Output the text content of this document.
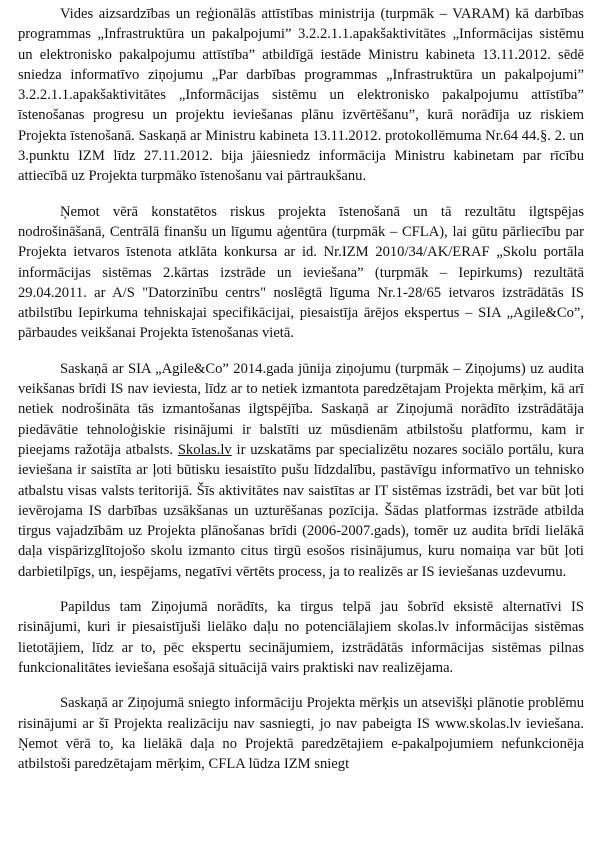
Vides aizsardzības un reģionālās attīstības ministrija (turpmāk – VARAM) kā darbības programmas „Infrastruktūra un pakalpojumi” 3.2.2.1.1.apakšaktivitātes „Informācijas sistēmu un elektronisko pakalpojumu attīstība” atbildīgā iestāde Ministru kabineta 13.11.2012. sēdē sniedza informatīvo ziņojumu „Par darbības programmas „Infrastruktūra un pakalpojumi” 3.2.2.1.1.apakšaktivitātes „Informācijas sistēmu un elektronisko pakalpojumu attīstība” īstenošanas progresu un projektu ieviešanas plānu izvērtēšanu”, kurā norādīja uz riskiem Projekta īstenošanā. Saskaņā ar Ministru kabineta 13.11.2012. protokollēmuma Nr.64 44.§. 2. un 3.punktu IZM līdz 27.11.2012. bija jāiesniedz informācija Ministru kabinetam par rīcību attiecībā uz Projekta turpmāko īstenošanu vai pārtraukšanu.

Ņemot vērā konstatētos riskus projekta īstenošanā un tā rezultātu ilgtspējas nodrošināšanā, Centrālā finanšu un līgumu aģentūra (turpmāk – CFLA), lai gūtu pārliecību par Projekta ietvaros īstenota atklāta konkursa ar id. Nr.IZM 2010/34/AK/ERAF „Skolu portāla informācijas sistēmas 2.kārtas izstrāde un ieviešana” (turpmāk – Iepirkums) rezultātā 29.04.2011. ar A/S "Datorzinību centrs" noslēgtā līguma Nr.1-28/65 ietvaros izstrādātās IS atbilstību Iepirkuma tehniskajai specifikācijai, piesaistīja ārējos ekspertus – SIA „Agile&Co”, pārbaudes veikšanai Projekta īstenošanas vietā.

Saskaņā ar SIA „Agile&Co” 2014.gada jūnija ziņojumu (turpmāk – Ziņojums) uz audita veikšanas brīdi IS nav ieviesta, līdz ar to netiek izmantota paredzētajam Projekta mērķim, kā arī netiek nodrošināta tās izmantošanas ilgtspējība. Saskaņā ar Ziņojumā norādīto izstrādātāja piedāvātie tehnoloģiskie risinājumi ir balstīti uz mūsdienām atbilstošu platformu, kam ir pieejams ražotāja atbalsts. Skolas.lv ir uzskatāms par specializētu nozares sociālo portālu, kura ieviešana ir saistīta ar ļoti būtisku iesaistīto pušu līdzdalību, pastāvīgu informatīvo un tehnisko atbalstu visas valsts teritorijā. Šīs aktivitātes nav saistītas ar IT sistēmas izstrādi, bet var būt ļoti ievērojama IS darbības uzsākšanas un uzturēšanas pozīcija. Šādas platformas izstrāde atbilda tirgus vajadzībām uz Projekta plānošanas brīdi (2006-2007.gads), tomēr uz audita brīdi lielākā daļa vispārizglītojošo skolu izmanto citus tirgū esošos risinājumus, kuru nomaiņa var būt ļoti darbietilpīgs, un, iespējams, negatīvi vērtēts process, ja to realizēs ar IS ieviešanas uzdevumu.

Papildus tam Ziņojumā norādīts, ka tirgus telpā jau šobrīd eksistē alternatīvi IS risinājumi, kuri ir piesaistījuši lielāko daļu no potenciālajiem skolas.lv informācijas sistēmas lietotājiem, līdz ar to, pēc ekspertu secinājumiem, izstrādātās informācijas sistēmas pilnas funkcionalitātes ieviešana esošajā situācijā vairs praktiski nav realizējama.

Saskaņā ar Ziņojumā sniegto informāciju Projekta mērķis un atsevišķi plānotie problēmu risinājumi ar šī Projekta realizāciju nav sasniegti, jo nav pabeigta IS www.skolas.lv ieviešana. Ņemot vērā to, ka lielākā daļa no Projektā paredzētajiem e-pakalpojumiem nefunkcionēja atbilstoši paredzētajam mērķim, CFLA lūdza IZM sniegt
